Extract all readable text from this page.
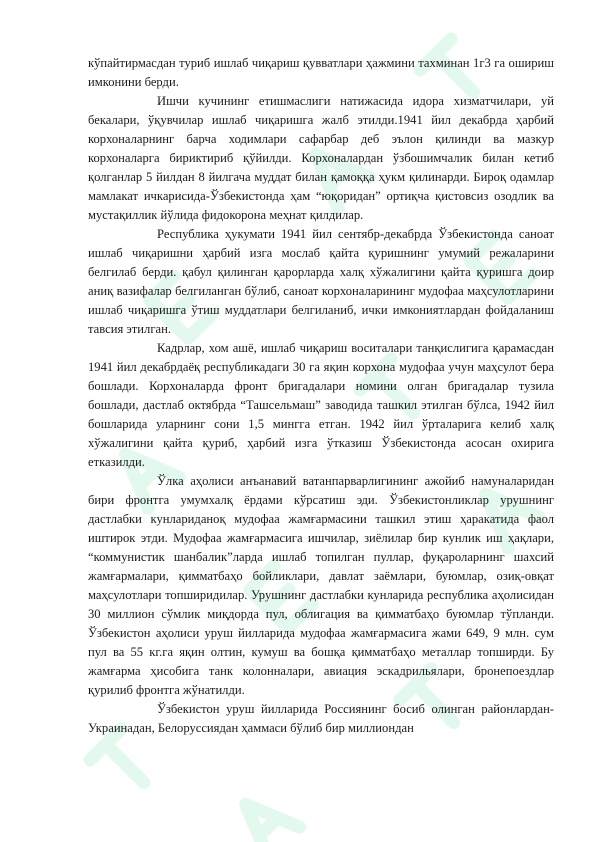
кўпайтирмасдан туриб ишлаб чиқариш қувватлари ҳажмини тахминан 1г3 га ошириш имконини берди.

Ишчи кучининг етишмаслиги натижасида идора хизматчилари, уй бекалари, ўқувчилар ишлаб чиқаришга жалб этилди.1941 йил декабрда ҳарбий корхоналарнинг барча ходимлари сафарбар деб эълон қилинди ва мазкур корхоналарга бириктириб қўйилди. Корхоналардан ўзбошимчалик билан кетиб қолганлар 5 йилдан 8 йилгача муддат билан қамоққа ҳукм қилинарди. Бироқ одамлар мамлакат ичкарисида-Ўзбекистонда ҳам “юқоридан” ортиқча қистовсиз озодлик ва мустақиллик йўлида фидокорона меҳнат қилдилар.

Республика ҳукумати 1941 йил сентябр-декабрда Ўзбекистонда саноат ишлаб чиқаришни ҳарбий изга мослаб қайта қуришнинг умумий режаларини белгилаб берди. қабул қилинган қарорларда халқ хўжалигини қайта қуришга доир аниқ вазифалар белгиланган бўлиб, саноат корхоналарининг мудофаа маҳсулотларини ишлаб чиқаришга ўтиш муддатлари белгиланиб, ички имкониятлардан фойдаланиш тавсия этилган.

Кадрлар, хом ашё, ишлаб чиқариш воситалари танқислигига қарамасдан 1941 йил декабрдаёқ республикадаги 30 га яқин корхона мудофаа учун маҳсулот бера бошлади. Корхоналарда фронт бригадалари номини олган бригадалар тузила бошлади, дастлаб октябрда “Ташсельмаш” заводида ташкил этилган бўлса, 1942 йил бошларида уларнинг сони 1,5 мингга етган. 1942 йил ўрталарига келиб халқ хўжалигини қайта қуриб, ҳарбий изга ўтказиш Ўзбекистонда асосан охирига етказилди.

Ўлка аҳолиси анъанавий ватанпарварлигининг ажойиб намуналаридан бири фронтга умумхалқ ёрдами кўрсатиш эди. Ўзбекистонликлар урушнинг дастлабки кунлариданоқ мудофаа жамғармасини ташкил этиш ҳаракатида фаол иштирок этди. Мудофаа жамғармасига ишчилар, зиёлилар бир кунлик иш ҳақлари, “коммунистик шанбалик”ларда ишлаб топилган пуллар, фуқароларнинг шахсий жамғармалари, қимматбаҳо бойликлари, давлат заёмлари, буюмлар, озиқ-овқат маҳсулотлари топширидилар. Урушнинг дастлабки кунларида республика аҳолисидан 30 миллион сўмлик миқдорда пул, облигация ва қимматбаҳо буюмлар тўпланди. Ўзбекистон аҳолиси уруш йилларида мудофаа жамғармасига жами 649, 9 млн. сум пул ва 55 кг.га яқин олтин, кумуш ва бошқа қимматбаҳо металлар топширди. Бу жамғарма ҳисобига танк колонналари, авиация эскадрильялари, бронепоездлар қурилиб фронтга жўнатилди.

Ўзбекистон уруш йилларида Россиянинг босиб олинган районлардан-Украинадан, Белоруссиядан ҳаммаси бўлиб бир миллиондан
